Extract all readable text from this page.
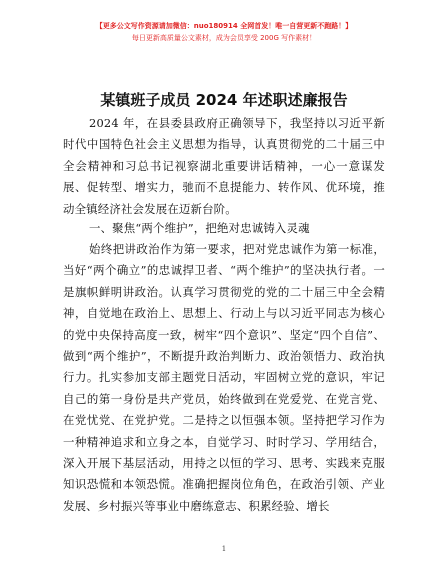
【更多公文写作资源请加微信：nuo180914 全网首发！唯一自营更新不跑路！】
每日更新高质量公文素材，成为会员享受 200G 写作素材！
某镇班子成员 2024 年述职述廉报告

2024 年，在县委县政府正确领导下，我坚持以习近平新时代中国特色社会主义思想为指导，认真贯彻党的二十届三中全会精神和习总书记视察湖北重要讲话精神，一心一意谋发展、促转型、增实力，驰而不息提能力、转作风、优环境，推动全镇经济社会发展在迈新台阶。

一、聚焦“两个维护”，把绝对忠诚铸入灵魂

始终把讲政治作为第一要求，把对党忠诚作为第一标准，当好“两个确立”的忠诚捍卫者、“两个维护”的坚决执行者。一是旗帜鲜明讲政治。认真学习贯彻党的党的二十届三中全会精神，自觉地在政治上、思想上、行动上与以习近平同志为核心的党中央保持高度一致，树牢“四个意识”、坚定“四个自信”、做到“两个维护”，不断提升政治判断力、政治领悟力、政治执行力。扎实参加支部主题党日活动，牢固树立党的意识，牢记自己的第一身份是共产党员，始终做到在党爱党、在党言党、在党忧党、在党护党。二是持之以恒强本领。坚持把学习作为一种精神追求和立身之本，自觉学习、时时学习、学用结合，深入开展下基层活动，用持之以恒的学习、思考、实践来克服知识恐慌和本领恐慌。准确把握岗位角色，在政治引领、产业发展、乡村振兴等事业中磨练意志、积累经验、增长

1
